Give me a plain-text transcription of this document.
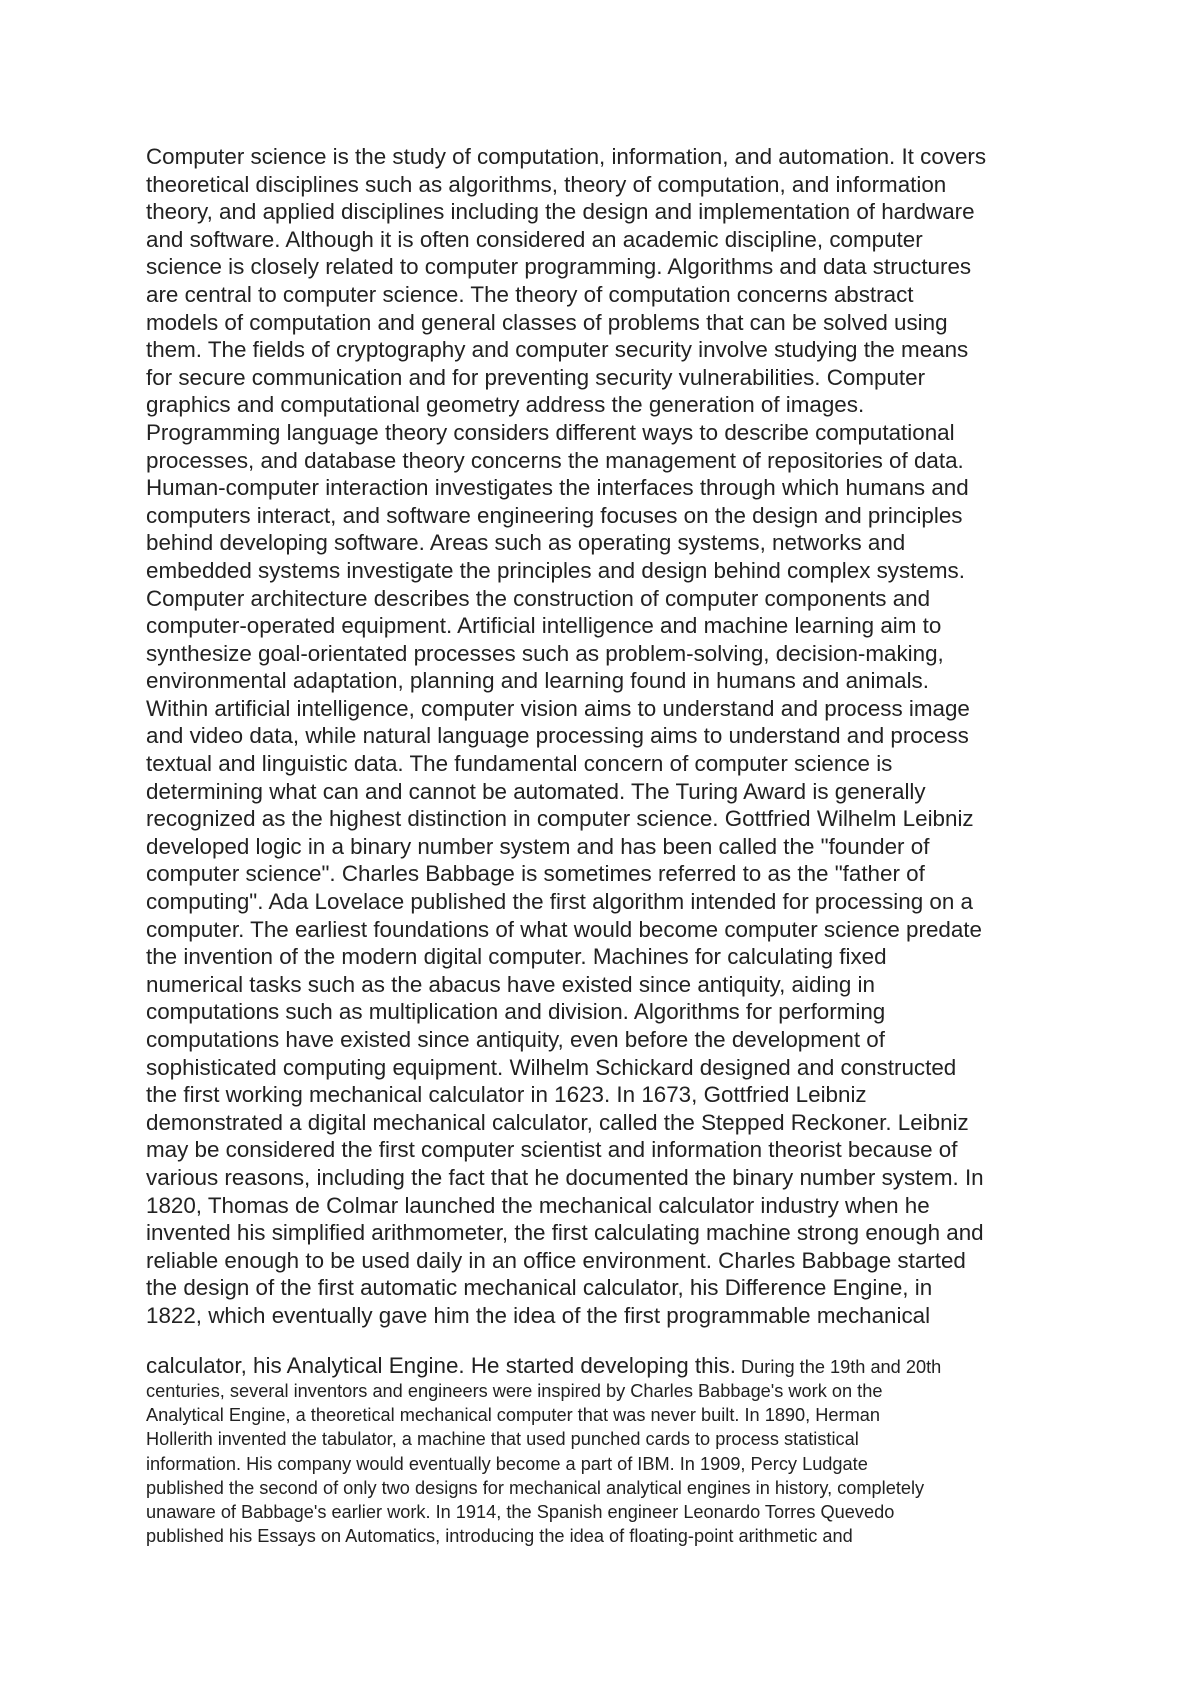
Computer science is the study of computation, information, and automation. It covers
theoretical disciplines such as algorithms, theory of computation, and information
theory, and applied disciplines including the design and implementation of hardware
and software. Although it is often considered an academic discipline, computer
science is closely related to computer programming. Algorithms and data structures
are central to computer science. The theory of computation concerns abstract
models of computation and general classes of problems that can be solved using
them. The fields of cryptography and computer security involve studying the means
for secure communication and for preventing security vulnerabilities. Computer
graphics and computational geometry address the generation of images.
Programming language theory considers different ways to describe computational
processes, and database theory concerns the management of repositories of data.
Human-computer interaction investigates the interfaces through which humans and
computers interact, and software engineering focuses on the design and principles
behind developing software. Areas such as operating systems, networks and
embedded systems investigate the principles and design behind complex systems.
Computer architecture describes the construction of computer components and
computer-operated equipment. Artificial intelligence and machine learning aim to
synthesize goal-orientated processes such as problem-solving, decision-making,
environmental adaptation, planning and learning found in humans and animals.
Within artificial intelligence, computer vision aims to understand and process image
and video data, while natural language processing aims to understand and process
textual and linguistic data. The fundamental concern of computer science is
determining what can and cannot be automated. The Turing Award is generally
recognized as the highest distinction in computer science. Gottfried Wilhelm Leibniz
developed logic in a binary number system and has been called the "founder of
computer science". Charles Babbage is sometimes referred to as the "father of
computing". Ada Lovelace published the first algorithm intended for processing on a
computer. The earliest foundations of what would become computer science predate
the invention of the modern digital computer. Machines for calculating fixed
numerical tasks such as the abacus have existed since antiquity, aiding in
computations such as multiplication and division. Algorithms for performing
computations have existed since antiquity, even before the development of
sophisticated computing equipment. Wilhelm Schickard designed and constructed
the first working mechanical calculator in 1623. In 1673, Gottfried Leibniz
demonstrated a digital mechanical calculator, called the Stepped Reckoner. Leibniz
may be considered the first computer scientist and information theorist because of
various reasons, including the fact that he documented the binary number system. In
1820, Thomas de Colmar launched the mechanical calculator industry when he
invented his simplified arithmometer, the first calculating machine strong enough and
reliable enough to be used daily in an office environment. Charles Babbage started
the design of the first automatic mechanical calculator, his Difference Engine, in
1822, which eventually gave him the idea of the first programmable mechanical
calculator, his Analytical Engine. He started developing this. During the 19th and 20th
centuries, several inventors and engineers were inspired by Charles Babbage's work on the
Analytical Engine, a theoretical mechanical computer that was never built. In 1890, Herman
Hollerith invented the tabulator, a machine that used punched cards to process statistical
information. His company would eventually become a part of IBM. In 1909, Percy Ludgate
published the second of only two designs for mechanical analytical engines in history, completely
unaware of Babbage's earlier work. In 1914, the Spanish engineer Leonardo Torres Quevedo
published his Essays on Automatics, introducing the idea of floating-point arithmetic and
